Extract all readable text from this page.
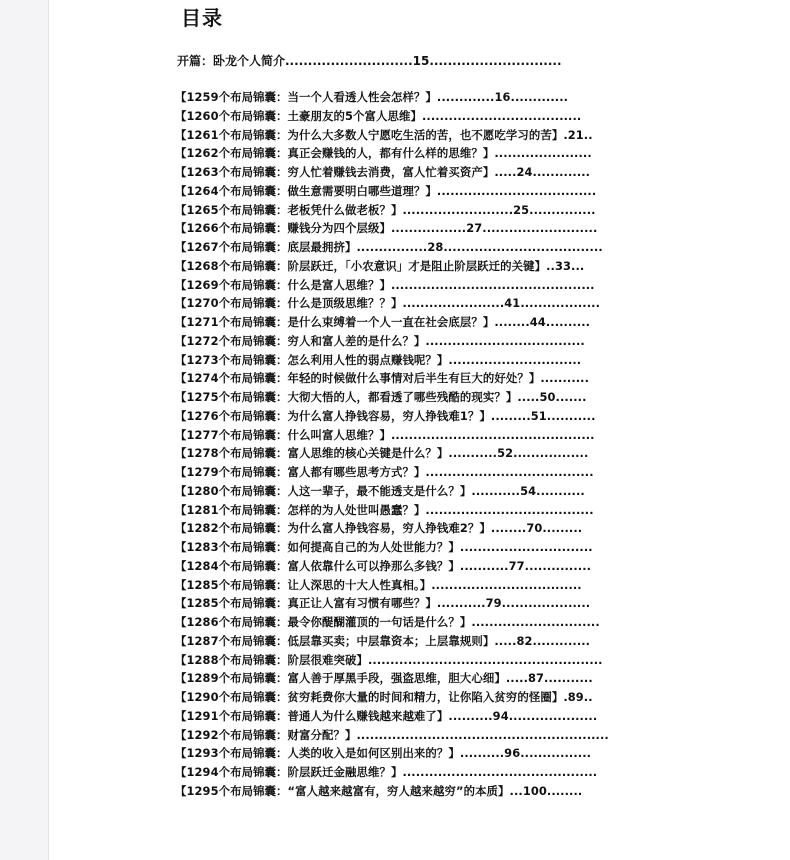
目录
开篇：卧龙个人简介............................15.............................
【1259个布局锦囊：当一个人看透人性会怎样？】.............16.............
【1260个布局锦囊：土豪朋友的5个富人思维】....................................
【1261个布局锦囊：为什么大多数人宁愿吃生活的苦，也不愿吃学习的苦】.21..
【1262个布局锦囊：真正会赚钱的人，都有什么样的思维？】......................
【1263个布局锦囊：穷人忙着赚钱去消费，富人忙着买资产】.....24.............
【1264个布局锦囊：做生意需要明白哪些道理？】....................................
【1265个布局锦囊：老板凭什么做老板？】.........................25...............
【1266个布局锦囊：赚钱分为四个层级】.................27..........................
【1267个布局锦囊：底层最拥挤】................28....................................
【1268个布局锦囊：阶层跃迁，「小农意识」才是阻止阶层跃迁的关键】..33...
【1269个布局锦囊：什么是富人思维？】..............................................
【1270个布局锦囊：什么是顶级思维？？】.......................41..................
【1271个布局锦囊：是什么束缚着一个人一直在社会底层？】........44..........
【1272个布局锦囊：穷人和富人差的是什么？】....................................
【1273个布局锦囊：怎么利用人性的弱点赚钱呢？】..............................
【1274个布局锦囊：年轻的时候做什么事情对后半生有巨大的好处？】...........
【1275个布局锦囊：大彻大悟的人，都看透了哪些残酷的现实？】.....50.......
【1276个布局锦囊：为什么富人挣钱容易，穷人挣钱难1？】.........51...........
【1277个布局锦囊：什么叫富人思维？】..............................................
【1278个布局锦囊：富人思维的核心关键是什么？】...........52.................
【1279个布局锦囊：富人都有哪些思考方式？】......................................
【1280个布局锦囊：人这一辈子，最不能透支是什么？】...........54...........
【1281个布局锦囊：怎样的为人处世叫愚蠢？】......................................
【1282个布局锦囊：为什么富人挣钱容易，穷人挣钱难2？】........70.........
【1283个布局锦囊：如何提高自己的为人处世能力？】..............................
【1284个布局锦囊：富人依靠什么可以挣那么多钱？】...........77...............
【1285个布局锦囊：让人深思的十大人性真相。】..................................
【1285个布局锦囊：真正让人富有习惯有哪些？】...........79....................
【1286个布局锦囊：最令你醍醐灌顶的一句话是什么？】.............................
【1287个布局锦囊：低层靠买卖；中层靠资本；上层靠规则】.....82.............
【1288个布局锦囊：阶层很难突破】.....................................................
【1289个布局锦囊：富人善于厚黑手段，强盗思维，胆大心细】.....87...........
【1290个布局锦囊：贫穷耗费你大量的时间和精力，让你陷入贫穷的怪圈】.89..
【1291个布局锦囊：普通人为什么赚钱越来越难了】..........94....................
【1292个布局锦囊：财富分配？】.........................................................
【1293个布局锦囊：人类的收入是如何区别出来的？】..........96................
【1294个布局锦囊：阶层跃迁金融思维？】............................................
【1295个布局锦囊：“富人越来越富有，穷人越来越穷”的本质】...100........
